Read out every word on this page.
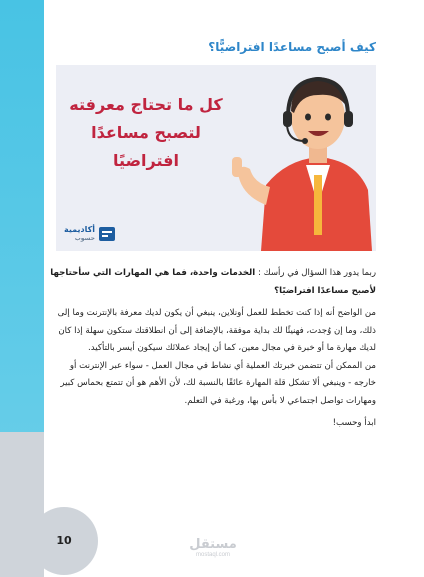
كيف أصبح مساعدًا افتراضيًّا؟
كل ما تحتاج معرفته لتصبح مساعدًا افتراضيًا
أكاديمية
حسوب

ربما يدور هذا السؤال في رأسك : الخدمات واحدة، فما هي المهارات التي سأحتاجها لأصبح مساعدًا افتراضيًا؟

من الواضح أنه إذا كنت تخطط للعمل أونلاين، ينبغي أن يكون لديك معرفة بالإنترنت وما إلى ذلك، وما إن وُجدت، فهنيئًا لك بداية موفقة، بالإضافة إلى أن انطلاقتك ستكون سهلة إذا كان لديك مهارة ما أو خبرة في مجال معين، كما أن إيجاد عملائك سيكون أيسر بالتأكيد.

من الممكن أن تتضمن خبرتك العملية أي نشاط في مجال العمل - سواء عبر الإنترنت أو خارجه - وينبغي ألا تشكل قلة المهارة عائقًا بالنسبة لك، لأن الأهم هو أن تتمتع بحماس كبير ومهارات تواصل اجتماعي لا بأس بها، ورغبة في التعلم.

ابدأ وحسب!

10	مستقل
mostaql.com
